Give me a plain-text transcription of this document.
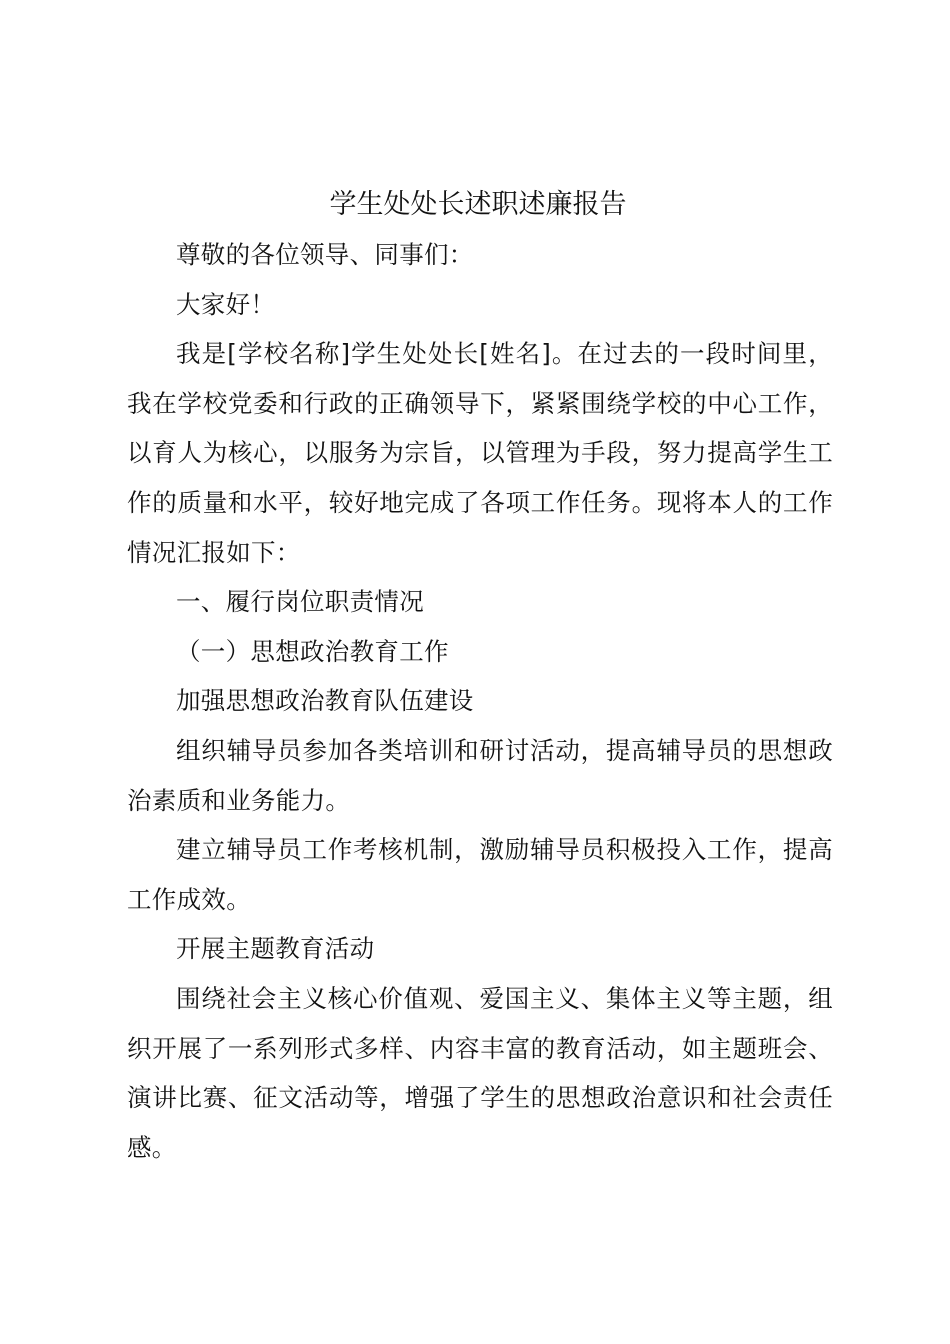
学生处处长述职述廉报告

尊敬的各位领导、同事们：

大家好！

我是[学校名称]学生处处长[姓名]。在过去的一段时间里，我在学校党委和行政的正确领导下，紧紧围绕学校的中心工作，以育人为核心，以服务为宗旨，以管理为手段，努力提高学生工作的质量和水平，较好地完成了各项工作任务。现将本人的工作情况汇报如下：

一、履行岗位职责情况

（一）思想政治教育工作

加强思想政治教育队伍建设

组织辅导员参加各类培训和研讨活动，提高辅导员的思想政治素质和业务能力。

建立辅导员工作考核机制，激励辅导员积极投入工作，提高工作成效。

开展主题教育活动

围绕社会主义核心价值观、爱国主义、集体主义等主题，组织开展了一系列形式多样、内容丰富的教育活动，如主题班会、演讲比赛、征文活动等，增强了学生的思想政治意识和社会责任感。
